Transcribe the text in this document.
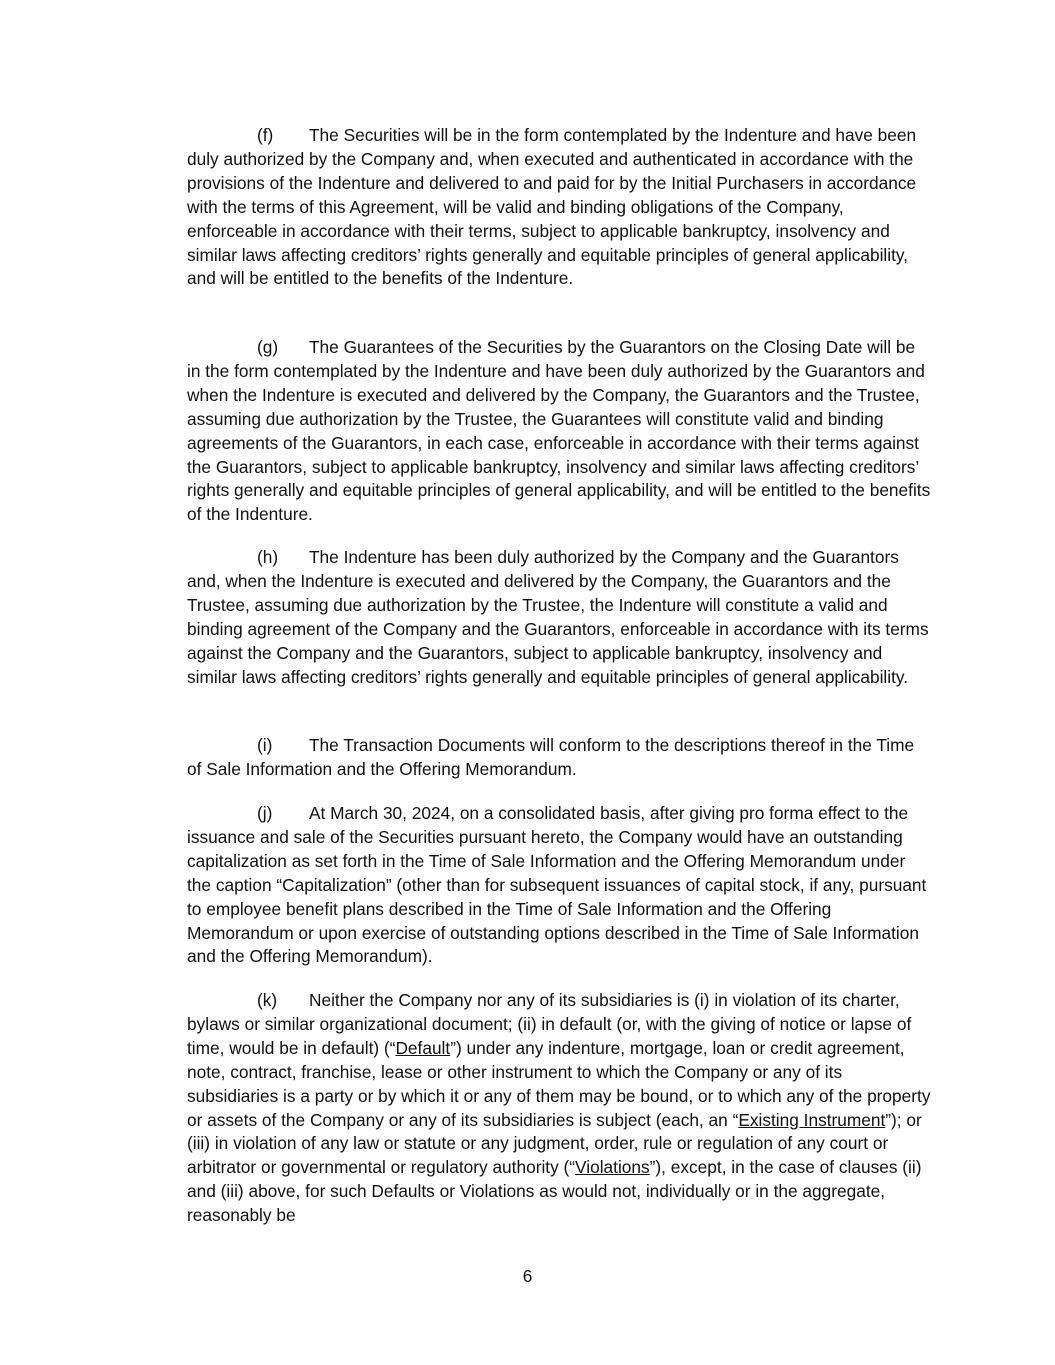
(f) The Securities will be in the form contemplated by the Indenture and have been duly authorized by the Company and, when executed and authenticated in accordance with the provisions of the Indenture and delivered to and paid for by the Initial Purchasers in accordance with the terms of this Agreement, will be valid and binding obligations of the Company, enforceable in accordance with their terms, subject to applicable bankruptcy, insolvency and similar laws affecting creditors’ rights generally and equitable principles of general applicability, and will be entitled to the benefits of the Indenture.

(g) The Guarantees of the Securities by the Guarantors on the Closing Date will be in the form contemplated by the Indenture and have been duly authorized by the Guarantors and when the Indenture is executed and delivered by the Company, the Guarantors and the Trustee, assuming due authorization by the Trustee, the Guarantees will constitute valid and binding agreements of the Guarantors, in each case, enforceable in accordance with their terms against the Guarantors, subject to applicable bankruptcy, insolvency and similar laws affecting creditors’ rights generally and equitable principles of general applicability, and will be entitled to the benefits of the Indenture.

(h) The Indenture has been duly authorized by the Company and the Guarantors and, when the Indenture is executed and delivered by the Company, the Guarantors and the Trustee, assuming due authorization by the Trustee, the Indenture will constitute a valid and binding agreement of the Company and the Guarantors, enforceable in accordance with its terms against the Company and the Guarantors, subject to applicable bankruptcy, insolvency and similar laws affecting creditors’ rights generally and equitable principles of general applicability.

(i) The Transaction Documents will conform to the descriptions thereof in the Time of Sale Information and the Offering Memorandum.

(j) At March 30, 2024, on a consolidated basis, after giving pro forma effect to the issuance and sale of the Securities pursuant hereto, the Company would have an outstanding capitalization as set forth in the Time of Sale Information and the Offering Memorandum under the caption “Capitalization” (other than for subsequent issuances of capital stock, if any, pursuant to employee benefit plans described in the Time of Sale Information and the Offering Memorandum or upon exercise of outstanding options described in the Time of Sale Information and the Offering Memorandum).

(k) Neither the Company nor any of its subsidiaries is (i) in violation of its charter, bylaws or similar organizational document; (ii) in default (or, with the giving of notice or lapse of time, would be in default) (“Default”) under any indenture, mortgage, loan or credit agreement, note, contract, franchise, lease or other instrument to which the Company or any of its subsidiaries is a party or by which it or any of them may be bound, or to which any of the property or assets of the Company or any of its subsidiaries is subject (each, an “Existing Instrument”); or (iii) in violation of any law or statute or any judgment, order, rule or regulation of any court or arbitrator or governmental or regulatory authority (“Violations”), except, in the case of clauses (ii) and (iii) above, for such Defaults or Violations as would not, individually or in the aggregate, reasonably be

6
